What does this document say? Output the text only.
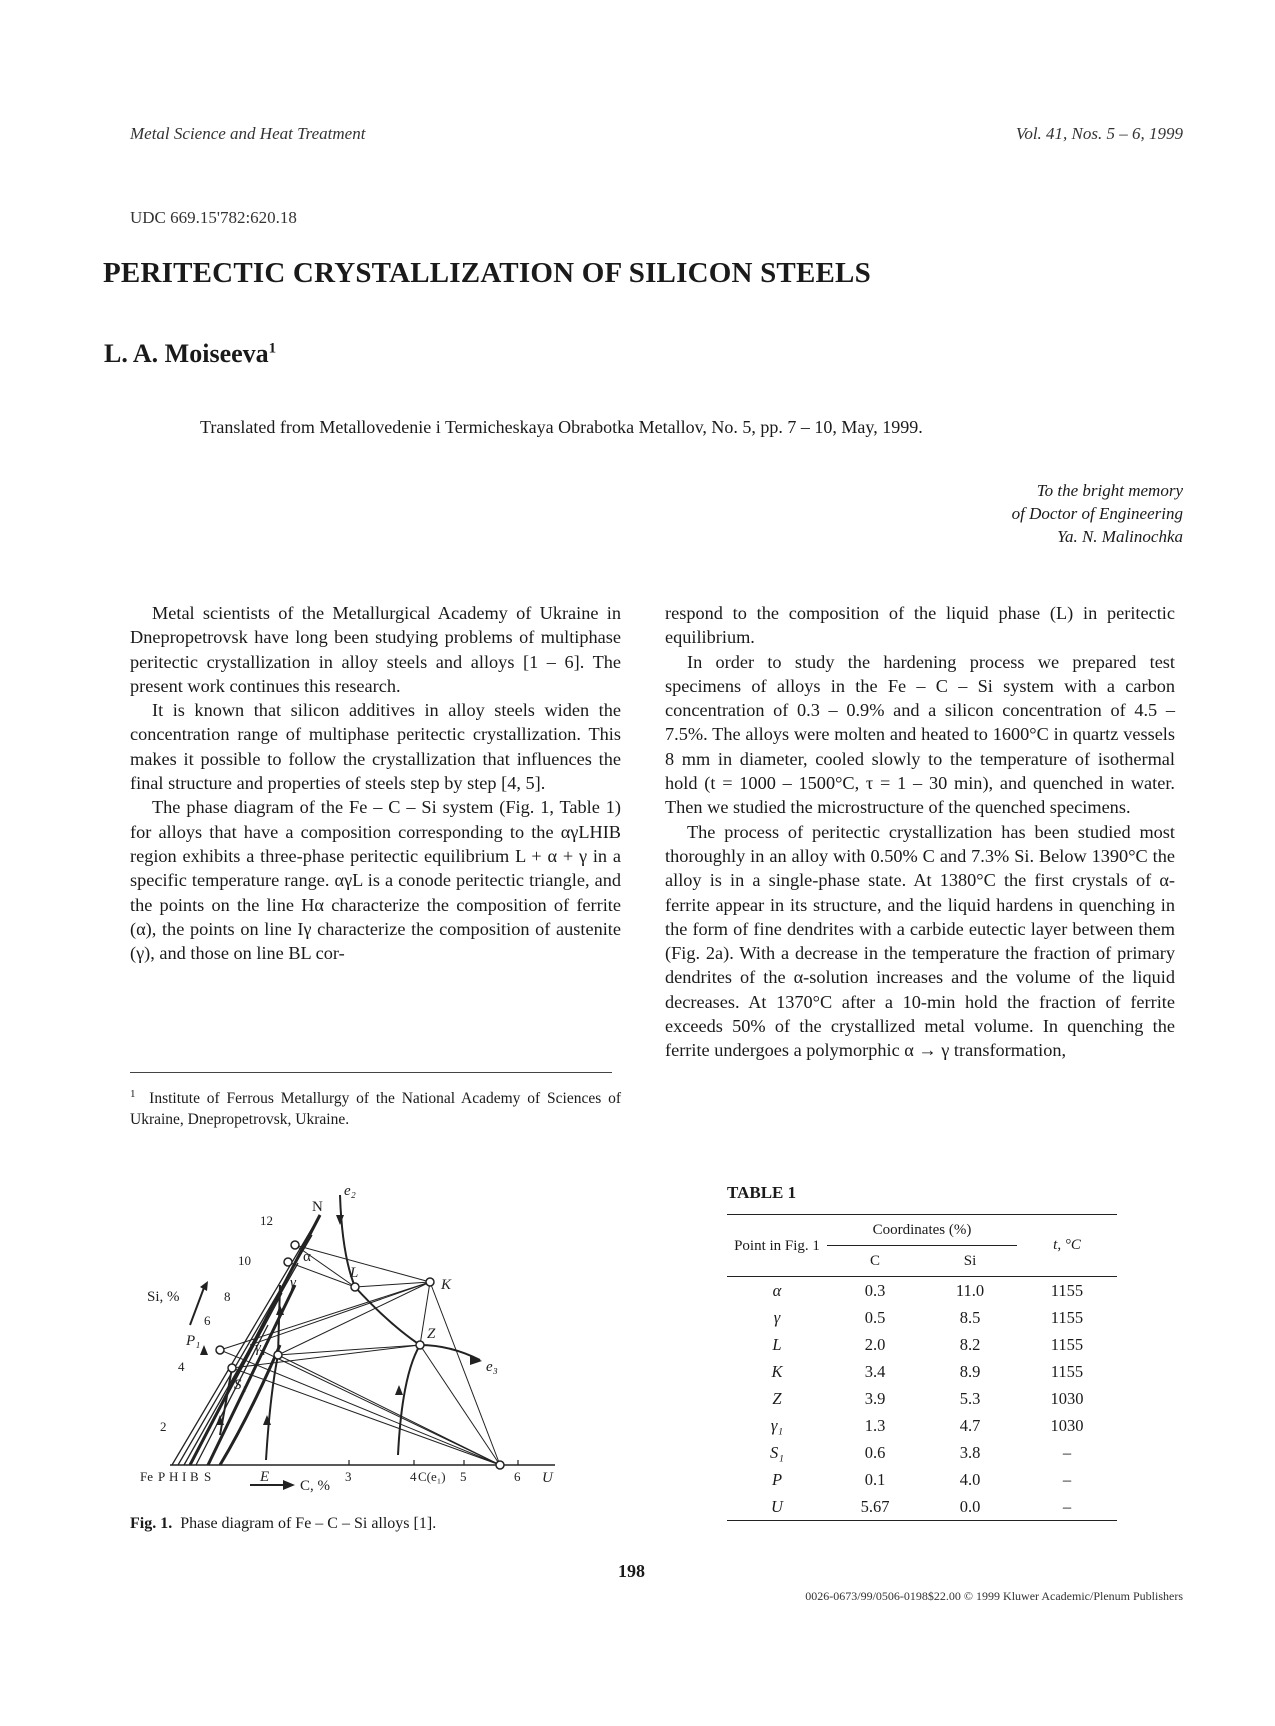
Metal Science and Heat Treatment	Vol. 41, Nos. 5 – 6, 1999
UDC 669.15'782:620.18
PERITECTIC CRYSTALLIZATION OF SILICON STEELS
L. A. Moiseeva$^1$
Translated from Metallovedenie i Termicheskaya Obrabotka Metallov, No. 5, pp. 7 – 10, May, 1999.
To the bright memory
of Doctor of Engineering
Ya. N. Malinochka

Metal scientists of the Metallurgical Academy of Ukraine in Dnepropetrovsk have long been studying problems of multiphase peritectic crystallization in alloy steels and alloys [1 – 6]. The present work continues this research.

It is known that silicon additives in alloy steels widen the concentration range of multiphase peritectic crystallization. This makes it possible to follow the crystallization that influences the final structure and properties of steels step by step [4, 5].

The phase diagram of the Fe – C – Si system (Fig. 1, Table 1) for alloys that have a composition corresponding to the αγLHIB region exhibits a three-phase peritectic equilibrium L + α + γ in a specific temperature range. αγL is a conode peritectic triangle, and the points on the line Hα characterize the composition of ferrite (α), the points on line Iγ characterize the composition of austenite (γ), and those on line BL cor-

respond to the composition of the liquid phase (L) in peritectic equilibrium.

In order to study the hardening process we prepared test specimens of alloys in the Fe – C – Si system with a carbon concentration of 0.3 – 0.9% and a silicon concentration of 4.5 – 7.5%. The alloys were molten and heated to 1600°C in quartz vessels 8 mm in diameter, cooled slowly to the temperature of isothermal hold (t = 1000 – 1500°C, τ = 1 – 30 min), and quenched in water. Then we studied the microstructure of the quenched specimens.

The process of peritectic crystallization has been studied most thoroughly in an alloy with 0.50% C and 7.3% Si. Below 1390°C the alloy is in a single-phase state. At 1380°C the first crystals of α-ferrite appear in its structure, and the liquid hardens in quenching in the form of fine dendrites with a carbide eutectic layer between them (Fig. 2a). With a decrease in the temperature the fraction of primary dendrites of the α-solution increases and the volume of the liquid decreases. At 1370°C after a 10-min hold the fraction of ferrite exceeds 50% of the crystallized metal volume. In quenching the ferrite undergoes a polymorphic α → γ transformation,

$^1$ Institute of Ferrous Metallurgy of the National Academy of Sciences of Ukraine, Dnepropetrovsk, Ukraine.
N
α
γ
L
K
Z
γ₁
P₁
S₁
e₂
e₃
Si, %
2
4
6
8
10
12
Fe P H I B S	E	3	4 C(e₁) 5	6 U
C, %
Fig. 1. Phase diagram of Fe – C – Si alloys [1].
TABLE 1
Point in Fig. 1	Coordinates (%)		t, °C
	C	Si	
α	0.3	11.0	1155
γ	0.5	8.5	1155
L	2.0	8.2	1155
K	3.4	8.9	1155
Z	3.9	5.3	1030
γ₁	1.3	4.7	1030
S₁	0.6	3.8	–
P	0.1	4.0	–
U	5.67	0.0	–
198
0026-0673/99/0506-0198$22.00 © 1999 Kluwer Academic/Plenum Publishers
